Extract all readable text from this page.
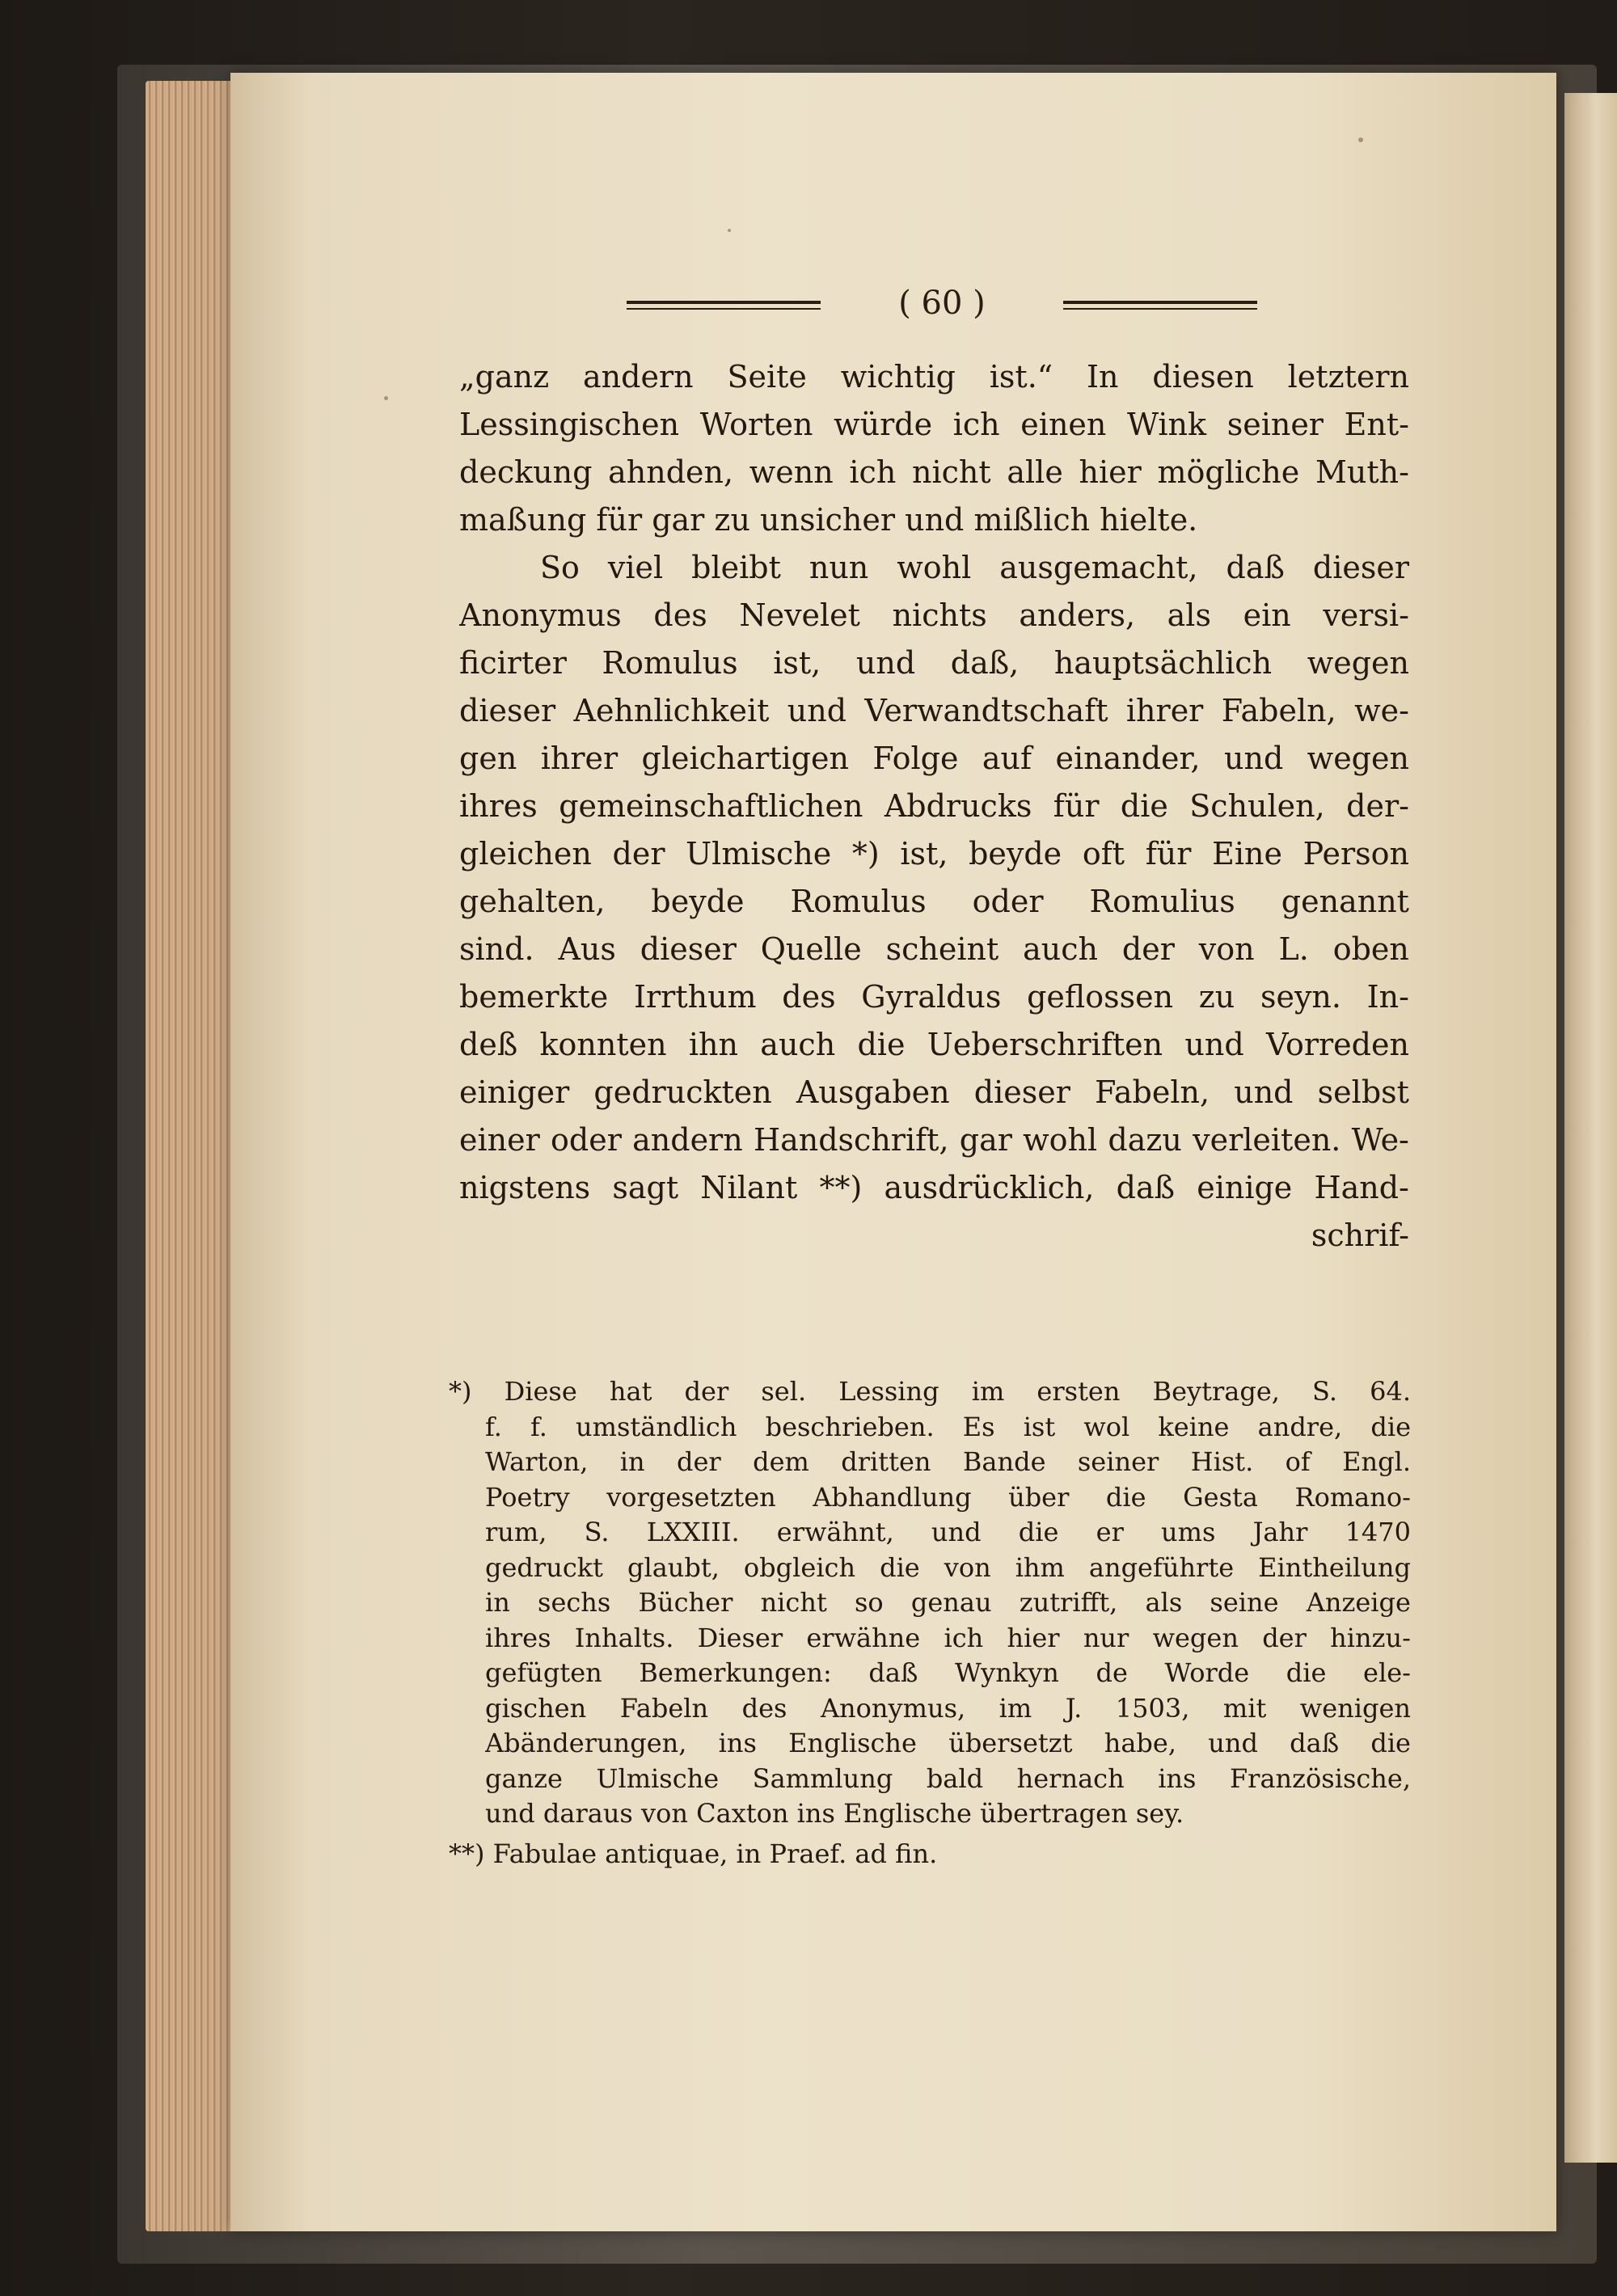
( 60 )
„ganz andern Seite wichtig ist.“ In diesen letztern
Lessingischen Worten würde ich einen Wink seiner Ent-
deckung ahnden, wenn ich nicht alle hier mögliche Muth-
maßung für gar zu unsicher und mißlich hielte.
So viel bleibt nun wohl ausgemacht, daß dieser
Anonymus des Nevelet nichts anders, als ein versi-
ficirter Romulus ist, und daß, hauptsächlich wegen
dieser Aehnlichkeit und Verwandtschaft ihrer Fabeln, we-
gen ihrer gleichartigen Folge auf einander, und wegen
ihres gemeinschaftlichen Abdrucks für die Schulen, der-
gleichen der Ulmische *) ist, beyde oft für Eine Person
gehalten, beyde Romulus oder Romulius genannt
sind. Aus dieser Quelle scheint auch der von L. oben
bemerkte Irrthum des Gyraldus geflossen zu seyn. In-
deß konnten ihn auch die Ueberschriften und Vorreden
einiger gedruckten Ausgaben dieser Fabeln, und selbst
einer oder andern Handschrift, gar wohl dazu verleiten. We-
nigstens sagt Nilant **) ausdrücklich, daß einige Hand-
schrif-
*) Diese hat der sel. Lessing im ersten Beytrage, S. 64.
f. f. umständlich beschrieben. Es ist wol keine andre, die
Warton, in der dem dritten Bande seiner Hist. of Engl.
Poetry vorgesetzten Abhandlung über die Gesta Romano-
rum, S. LXXIII. erwähnt, und die er ums Jahr 1470
gedruckt glaubt, obgleich die von ihm angeführte Eintheilung
in sechs Bücher nicht so genau zutrifft, als seine Anzeige
ihres Inhalts. Dieser erwähne ich hier nur wegen der hinzu-
gefügten Bemerkungen: daß Wynkyn de Worde die ele-
gischen Fabeln des Anonymus, im J. 1503, mit wenigen
Abänderungen, ins Englische übersetzt habe, und daß die
ganze Ulmische Sammlung bald hernach ins Französische,
und daraus von Caxton ins Englische übertragen sey.
**) Fabulae antiquae, in Praef. ad fin.
